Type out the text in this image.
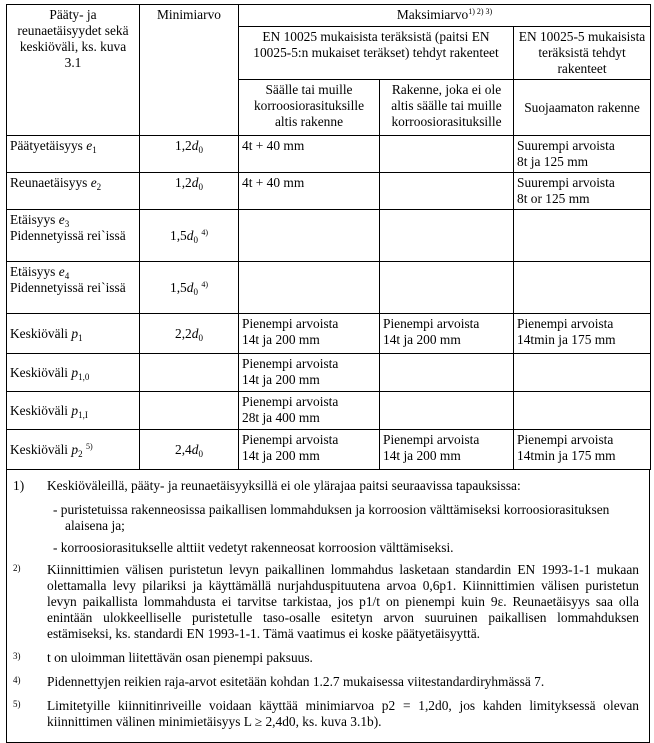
Pääty- ja reunaetäisyydet sekä keskiöväli, ks. kuva 3.1	Minimiarvo	Maksimiarvo$^{1) 2) 3)}$
		EN 10025 mukaisista teräksistä (paitsi EN 10025-5:n mukaiset teräkset) tehdyt rakenteet		EN 10025-5 mukaisista teräksistä tehdyt rakenteet
		Säälle tai muille korroosiorasituksille altis rakenne	Rakenne, joka ei ole altis säälle tai muille korroosiorasituksille	Suojaamaton rakenne
Päätyetäisyys $e_1$	$1,2d_0$	4t + 40 mm		Suurempi arvoista
8t ja 125 mm
Reunaetäisyys $e_2$	$1,2d_0$	4t + 40 mm		Suurempi arvoista
8t or 125 mm
Etäisyys $e_3$
Pidennetyissä rei`issä	$1,5d_0$ $^{4)}$			
Etäisyys $e_4$
Pidennetyissä rei`issä	$1,5d_0$ $^{4)}$			
Keskiöväli $p_1$	$2,2d_0$	Pienempi arvoista
14t ja 200 mm	Pienempi arvoista
14t ja 200 mm	Pienempi arvoista
14tmin ja 175 mm
Keskiöväli $p_{1,0}$		Pienempi arvoista
14t ja 200 mm		
Keskiöväli $p_{1,I}$		Pienempi arvoista
28t ja 400 mm		
Keskiöväli $p_2$ $^{5)}$	$2,4d_0$	Pienempi arvoista
14t ja 200 mm	Pienempi arvoista
14t ja 200 mm	Pienempi arvoista
14tmin ja 175 mm
1)	Keskiöväleillä, pääty- ja reunaetäisyyksillä ei ole ylärajaa paitsi seuraavissa tapauksissa:
- puristetuissa rakenneosissa paikallisen lommahduksen ja korroosion välttämiseksi korroosiorasituksen alaisena ja;
- korroosiorasitukselle alttiit vedetyt rakenneosat korroosion välttämiseksi.
2)	Kiinnittimien välisen puristetun levyn paikallinen lommahdus lasketaan standardin EN 1993-1-1 mukaan olettamalla levy pilariksi ja käyttämällä nurjahduspituutena arvoa 0,6p1. Kiinnittimien välisen puristetun levyn paikallista lommahdusta ei tarvitse tarkistaa, jos p1/t on pienempi kuin 9ε. Reunaetäisyys saa olla enintään ulokkeelliselle puristetulle taso-osalle esitetyn arvon suuruinen paikallisen lommahduksen estämiseksi, ks. standardi EN 1993-1-1. Tämä vaatimus ei koske päätyetäisyyttä.
3)	t on uloimman liitettävän osan pienempi paksuus.
4)	Pidennettyjen reikien raja-arvot esitetään kohdan 1.2.7 mukaisessa viitestandardiryhmässä 7.
5)	Limitetyille kiinnitinriveille voidaan käyttää minimiarvoa p2 = 1,2d0, jos kahden limityksessä olevan kiinnittimen välinen minimietäisyys L ≥ 2,4d0, ks. kuva 3.1b).
